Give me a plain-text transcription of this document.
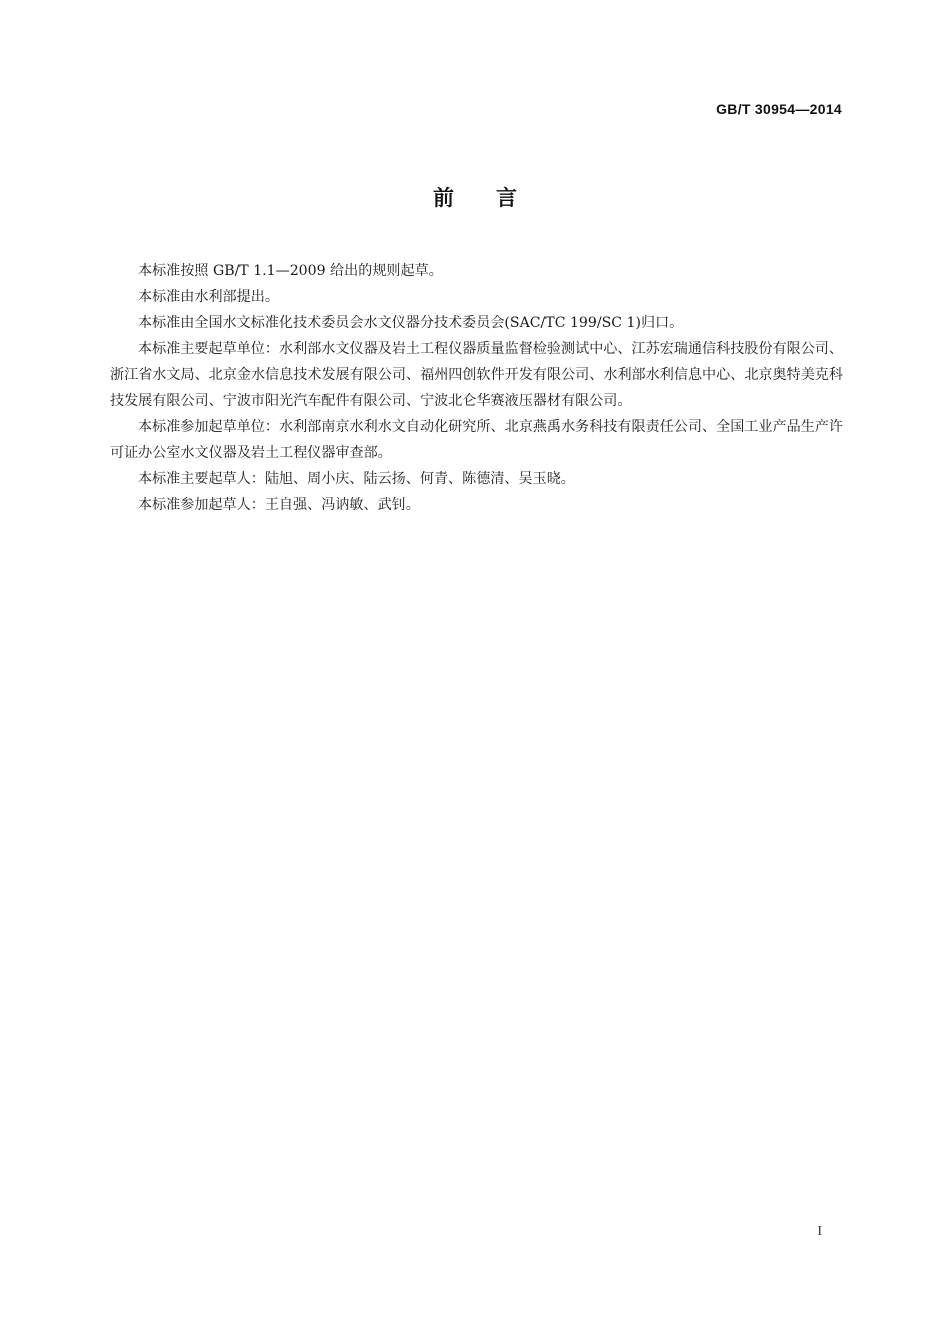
GB/T 30954—2014
前　　言

本标准按照 GB/T 1.1—2009 给出的规则起草。

本标准由水利部提出。

本标准由全国水文标准化技术委员会水文仪器分技术委员会(SAC/TC 199/SC 1)归口。

本标准主要起草单位：水利部水文仪器及岩土工程仪器质量监督检验测试中心、江苏宏瑞通信科技股份有限公司、浙江省水文局、北京金水信息技术发展有限公司、福州四创软件开发有限公司、水利部水利信息中心、北京奥特美克科技发展有限公司、宁波市阳光汽车配件有限公司、宁波北仑华赛液压器材有限公司。

本标准参加起草单位：水利部南京水利水文自动化研究所、北京燕禹水务科技有限责任公司、全国工业产品生产许可证办公室水文仪器及岩土工程仪器审查部。

本标准主要起草人：陆旭、周小庆、陆云扬、何青、陈德清、吴玉晓。

本标准参加起草人：王自强、冯讷敏、武钊。

I
